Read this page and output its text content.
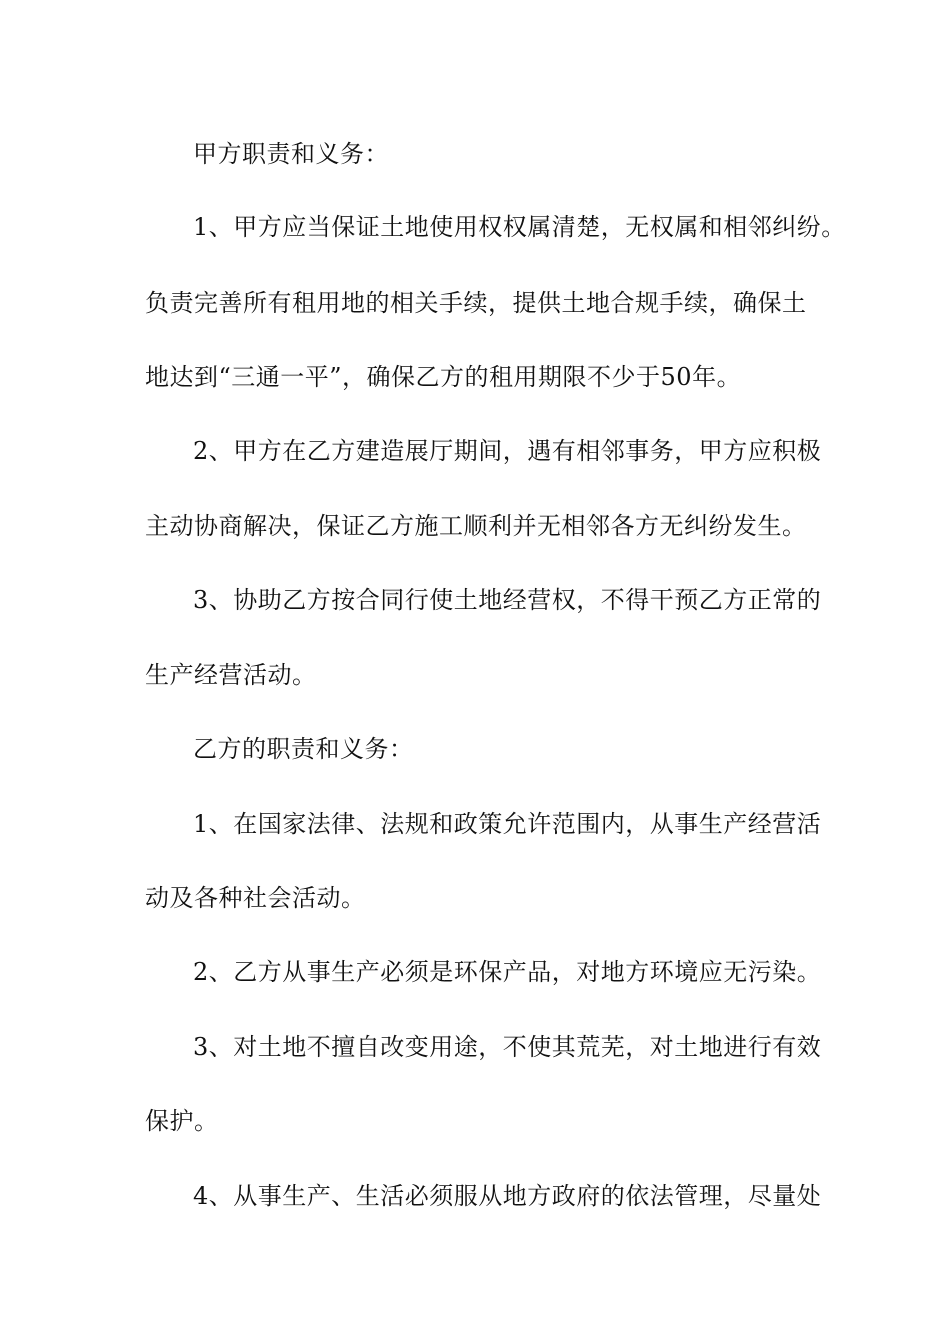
甲方职责和义务：
1、甲方应当保证土地使用权权属清楚，无权属和相邻纠纷。
负责完善所有租用地的相关手续，提供土地合规手续，确保土
地达到“三通一平”，确保乙方的租用期限不少于50年。
2、甲方在乙方建造展厅期间，遇有相邻事务，甲方应积极
主动协商解决，保证乙方施工顺利并无相邻各方无纠纷发生。
3、协助乙方按合同行使土地经营权，不得干预乙方正常的
生产经营活动。
乙方的职责和义务：
1、在国家法律、法规和政策允许范围内，从事生产经营活
动及各种社会活动。
2、乙方从事生产必须是环保产品，对地方环境应无污染。
3、对土地不擅自改变用途，不使其荒芜，对土地进行有效
保护。
4、从事生产、生活必须服从地方政府的依法管理，尽量处
